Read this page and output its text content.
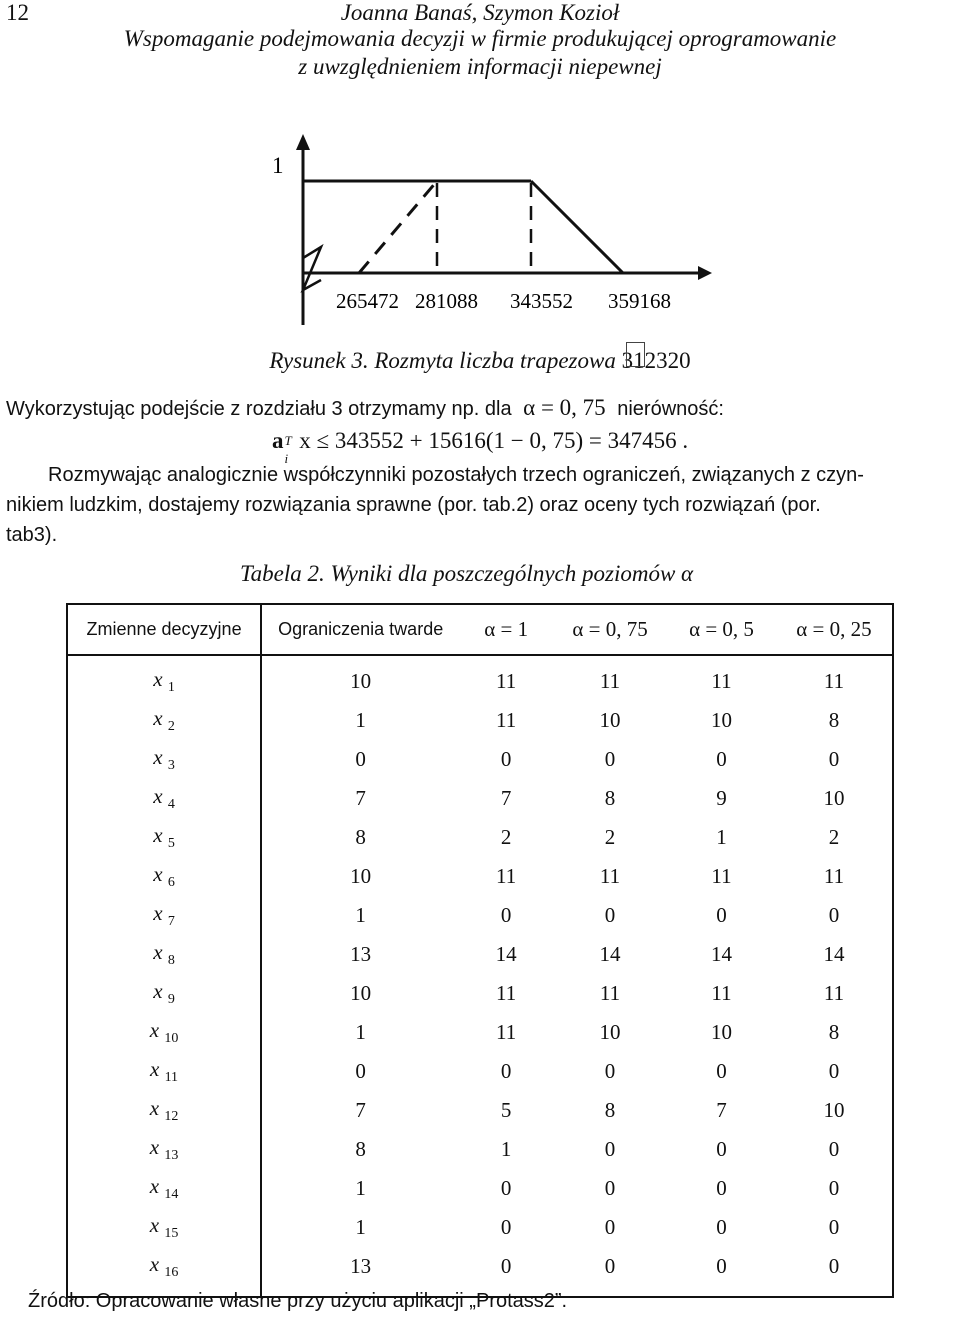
12	Joanna Banaś, Szymon Kozioł
Wspomaganie podejmowania decyzji w firmie produkującej oprogramowanie
z uwzględnieniem informacji niepewnej
1
265472 281088 343552 359168
Rysunek 3. Rozmyta liczba trapezowa 312320
Wykorzystując podejście z rozdziału 3 otrzymamy np. dla α = 0, 75 nierówność:
a T
i
x ≤ 343552 + 15616(1 − 0, 75) = 347456 .
Rozmywając analogicznie współczynniki pozostałych trzech ograniczeń, związanych z czyn-
nikiem ludzkim, dostajemy rozwiązania sprawne (por. tab.2) oraz oceny tych rozwiązań (por.
tab3).
Tabela 2. Wyniki dla poszczególnych poziomów α
Zmienne decyzyjne	Ograniczenia twarde	α = 1	α = 0, 75	α = 0, 5	α = 0, 25
x $_1$	10	11	11	11	11
x $_2$	1	11	10	10	8
x $_3$	0	0	0	0	0
x $_4$	7	7	8	9	10
x $_5$	8	2	2	1	2
x $_6$	10	11	11	11	11
x $_7$	1	0	0	0	0
x $_8$	13	14	14	14	14
x $_9$	10	11	11	11	11
x $_{10}$	1	11	10	10	8
x $_{11}$	0	0	0	0	0
x $_{12}$	7	5	8	7	10
x $_{13}$	8	1	0	0	0
x $_{14}$	1	0	0	0	0
x $_{15}$	1	0	0	0	0
x $_{16}$	13	0	0	0	0
Źródło: Opracowanie własne przy użyciu aplikacji „Protass2”.
